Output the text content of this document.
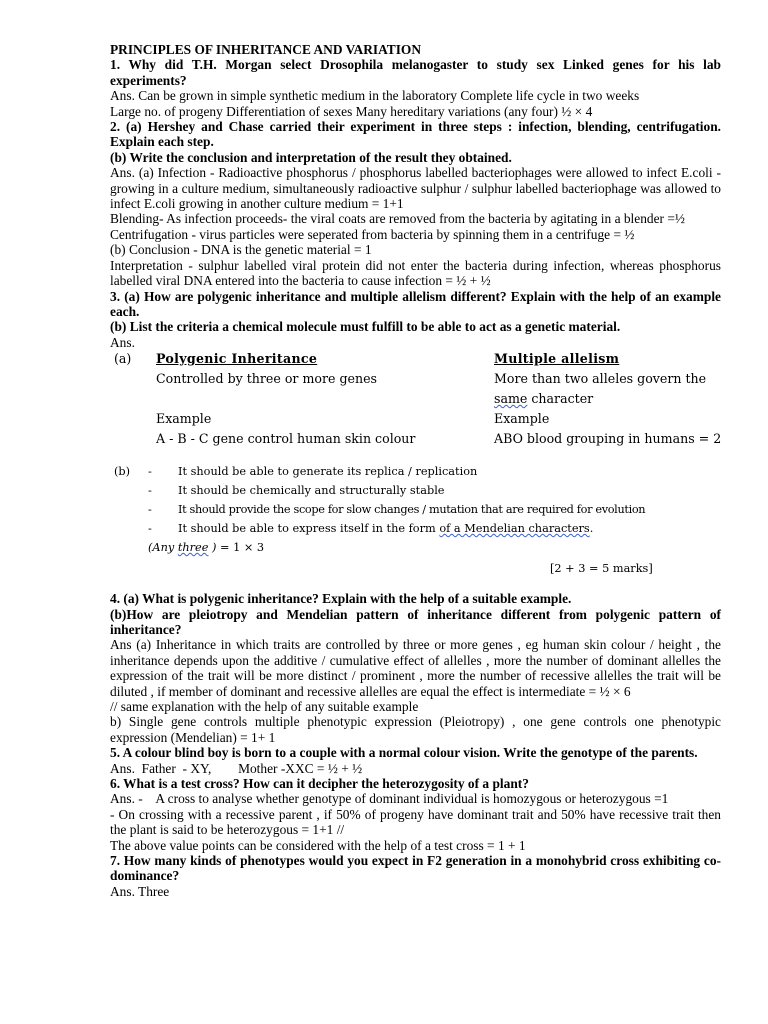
PRINCIPLES OF INHERITANCE AND VARIATION

1. Why did T.H. Morgan select Drosophila melanogaster to study sex Linked genes for his lab experiments?

Ans. Can be grown in simple synthetic medium in the laboratory Complete life cycle in two weeks

Large no. of progeny Differentiation of sexes Many hereditary variations (any four) ½ × 4

2. (a) Hershey and Chase carried their experiment in three steps : infection, blending, centrifugation. Explain each step.

(b) Write the conclusion and interpretation of the result they obtained.

Ans. (a) Infection - Radioactive phosphorus / phosphorus labelled bacteriophages were allowed to infect E.coli - growing in a culture medium, simultaneously radioactive sulphur / sulphur labelled bacteriophage was allowed to infect E.coli growing in another culture medium = 1+1

Blending- As infection proceeds- the viral coats are removed from the bacteria by agitating in a blender =½

Centrifugation - virus particles were seperated from bacteria by spinning them in a centrifuge = ½

(b) Conclusion - DNA is the genetic material = 1

Interpretation - sulphur labelled viral protein did not enter the bacteria during infection, whereas phosphorus labelled viral DNA entered into the bacteria to cause infection = ½ + ½

3. (a) How are polygenic inheritance and multiple allelism different? Explain with the help of an example each.

(b) List the criteria a chemical molecule must fulfill to be able to act as a genetic material.

Ans.

(a) Polygenic Inheritance	Multiple allelism
Controlled by three or more genes	More than two alleles govern the
same character
Example	Example
A - B - C gene control human skin colour	ABO blood grouping in humans = 2
(b) - It should be able to generate its replica / replication
- It should be chemically and structurally stable
- It should provide the scope for slow changes / mutation that are required for evolution
- It should be able to express itself in the form of a Mendelian characters.
(Any three ) = 1 × 3
[2 + 3 = 5 marks]

4. (a) What is polygenic inheritance? Explain with the help of a suitable example.

(b)How are pleiotropy and Mendelian pattern of inheritance different from polygenic pattern of inheritance?

Ans (a) Inheritance in which traits are controlled by three or more genes , eg human skin colour / height , the inheritance depends upon the additive / cumulative effect of allelles , more the number of dominant allelles the expression of the trait will be more distinct / prominent , more the number of recessive allelles the trait will be diluted , if member of dominant and recessive allelles are equal the effect is intermediate = ½ × 6

// same explanation with the help of any suitable example

b) Single gene controls multiple phenotypic expression (Pleiotropy) , one gene controls one phenotypic expression (Mendelian) = 1+ 1

5. A colour blind boy is born to a couple with a normal colour vision. Write the genotype of the parents.

Ans.  Father  - XY,        Mother -XXC = ½ + ½

6. What is a test cross? How can it decipher the heterozygosity of a plant?

Ans. -    A cross to analyse whether genotype of dominant individual is homozygous or heterozygous =1

- On crossing with a recessive parent , if 50% of progeny have dominant trait and 50% have recessive trait then the plant is said to be heterozygous = 1+1 //

The above value points can be considered with the help of a test cross = 1 + 1

7. How many kinds of phenotypes would you expect in F2 generation in a monohybrid cross exhibiting co-dominance?

Ans. Three
